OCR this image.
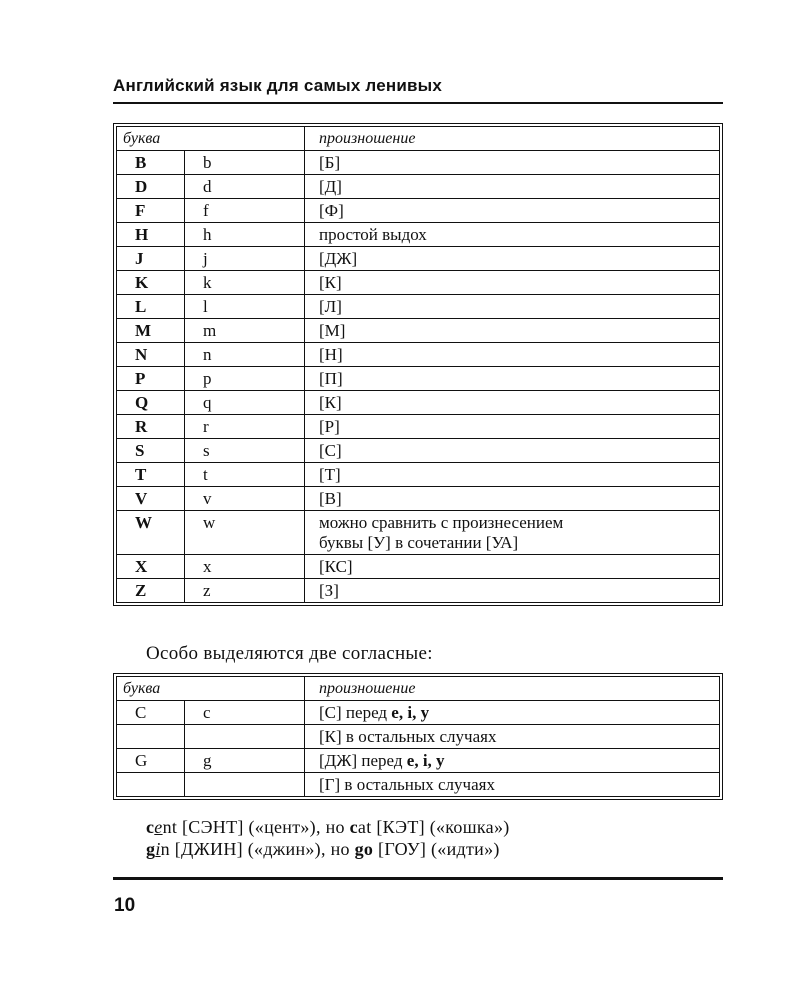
Английский язык для самых ленивых
буква		произношение
B	b	[Б]
D	d	[Д]
F	f	[Ф]
H	h	простой выдох
J	j	[ДЖ]
K	k	[К]
L	l	[Л]
M	m	[М]
N	n	[Н]
P	p	[П]
Q	q	[К]
R	r	[Р]
S	s	[С]
T	t	[Т]
V	v	[В]
W	w	можно сравнить с произнесением
буквы [У] в сочетании [УА]

X	x	[КС]
Z	z	[З]
Особо выделяются две согласные:
буква		произношение
C	c	[С] перед e, i, y
		[К] в остальных случаях
G	g	[ДЖ] перед e, i, y
		[Г] в остальных случаях
cent [СЭНТ] («цент»), но cat [КЭТ] («кошка»)
gin [ДЖИН] («джин»), но go [ГОУ] («идти»)
10
